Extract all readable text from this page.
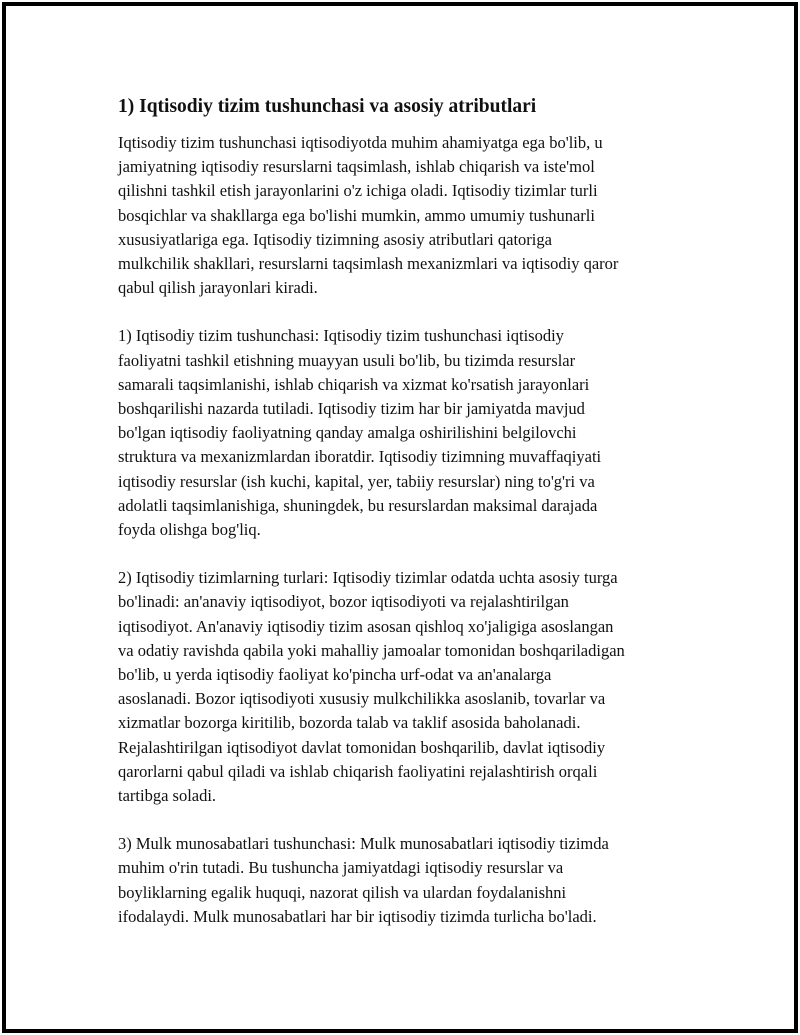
1) Iqtisodiy tizim tushunchasi va asosiy atributlari

Iqtisodiy tizim tushunchasi iqtisodiyotda muhim ahamiyatga ega bo'lib, u
jamiyatning iqtisodiy resurslarni taqsimlash, ishlab chiqarish va iste'mol
qilishni tashkil etish jarayonlarini o'z ichiga oladi. Iqtisodiy tizimlar turli
bosqichlar va shakllarga ega bo'lishi mumkin, ammo umumiy tushunarli
xususiyatlariga ega. Iqtisodiy tizimning asosiy atributlari qatoriga
mulkchilik shakllari, resurslarni taqsimlash mexanizmlari va iqtisodiy qaror
qabul qilish jarayonlari kiradi.

1) Iqtisodiy tizim tushunchasi: Iqtisodiy tizim tushunchasi iqtisodiy
faoliyatni tashkil etishning muayyan usuli bo'lib, bu tizimda resurslar
samarali taqsimlanishi, ishlab chiqarish va xizmat ko'rsatish jarayonlari
boshqarilishi nazarda tutiladi. Iqtisodiy tizim har bir jamiyatda mavjud
bo'lgan iqtisodiy faoliyatning qanday amalga oshirilishini belgilovchi
struktura va mexanizmlardan iboratdir. Iqtisodiy tizimning muvaffaqiyati
iqtisodiy resurslar (ish kuchi, kapital, yer, tabiiy resurslar) ning to'g'ri va
adolatli taqsimlanishiga, shuningdek, bu resurslardan maksimal darajada
foyda olishga bog'liq.

2) Iqtisodiy tizimlarning turlari: Iqtisodiy tizimlar odatda uchta asosiy turga
bo'linadi: an'anaviy iqtisodiyot, bozor iqtisodiyoti va rejalashtirilgan
iqtisodiyot. An'anaviy iqtisodiy tizim asosan qishloq xo'jaligiga asoslangan
va odatiy ravishda qabila yoki mahalliy jamoalar tomonidan boshqariladigan
bo'lib, u yerda iqtisodiy faoliyat ko'pincha urf-odat va an'analarga
asoslanadi. Bozor iqtisodiyoti xususiy mulkchilikka asoslanib, tovarlar va
xizmatlar bozorga kiritilib, bozorda talab va taklif asosida baholanadi.
Rejalashtirilgan iqtisodiyot davlat tomonidan boshqarilib, davlat iqtisodiy
qarorlarni qabul qiladi va ishlab chiqarish faoliyatini rejalashtirish orqali
tartibga soladi.

3) Mulk munosabatlari tushunchasi: Mulk munosabatlari iqtisodiy tizimda
muhim o'rin tutadi. Bu tushuncha jamiyatdagi iqtisodiy resurslar va
boyliklarning egalik huquqi, nazorat qilish va ulardan foydalanishni
ifodalaydi. Mulk munosabatlari har bir iqtisodiy tizimda turlicha bo'ladi.
